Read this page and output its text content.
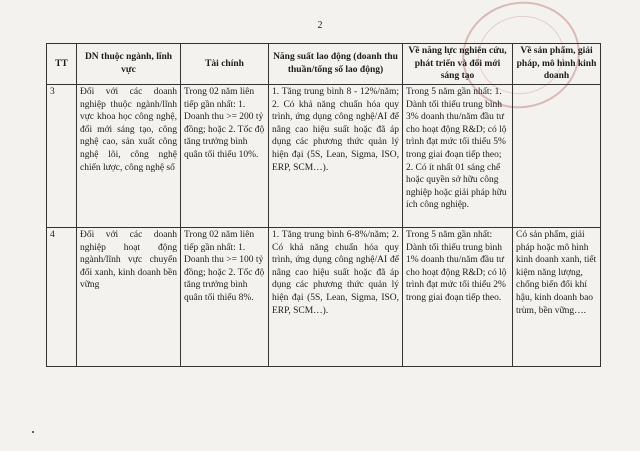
2
TT	DN thuộc ngành, lĩnh vực	Tài chính	Năng suất lao động (doanh thu thuần/tổng số lao động)	Về năng lực nghiên cứu, phát triển và đổi mới sáng tạo	Về sản phẩm, giải pháp, mô hình kinh doanh
3	Đối với các doanh nghiệp thuộc ngành/lĩnh vực khoa học công nghệ, đổi mới sáng tạo, công nghệ cao, sản xuất công nghệ lõi, công nghệ chiến lược, công nghệ số	Trong 02 năm liên tiếp gần nhất: 1. Doanh thu >= 200 tỷ đồng; hoặc 2. Tốc độ tăng trưởng bình quân tối thiểu 10%.	1. Tăng trung bình 8 - 12%/năm; 2. Có khả năng chuẩn hóa quy trình, ứng dụng công nghệ/AI để nâng cao hiệu suất hoặc đã áp dụng các phương thức quản lý hiện đại (5S, Lean, Sigma, ISO, ERP, SCM…).	Trong 5 năm gần nhất: 1. Dành tối thiểu trung bình 3% doanh thu/năm đầu tư cho hoạt động R&D; có lộ trình đạt mức tối thiểu 5% trong giai đoạn tiếp theo; 2. Có ít nhất 01 sáng chế hoặc quyền sở hữu công nghiệp hoặc giải pháp hữu ích công nghiệp.	
4	Đối với các doanh nghiệp hoạt động ngành/lĩnh vực chuyển đổi xanh, kinh doanh bền vững	Trong 02 năm liên tiếp gần nhất: 1. Doanh thu >= 100 tỷ đồng; hoặc 2. Tốc độ tăng trưởng bình quân tối thiểu 8%.	1. Tăng trung bình 6-8%/năm; 2. Có khả năng chuẩn hóa quy trình, ứng dụng công nghệ/AI để nâng cao hiệu suất hoặc đã áp dụng các phương thức quản lý hiện đại (5S, Lean, Sigma, ISO, ERP, SCM…).	Trong 5 năm gần nhất: Dành tối thiểu trung bình 1% doanh thu/năm đầu tư cho hoạt động R&D; có lộ trình đạt mức tối thiểu 2% trong giai đoạn tiếp theo.	Có sản phẩm, giải pháp hoặc mô hình kinh doanh xanh, tiết kiệm năng lượng, chống biến đổi khí hậu, kinh doanh bao trùm, bền vững….
